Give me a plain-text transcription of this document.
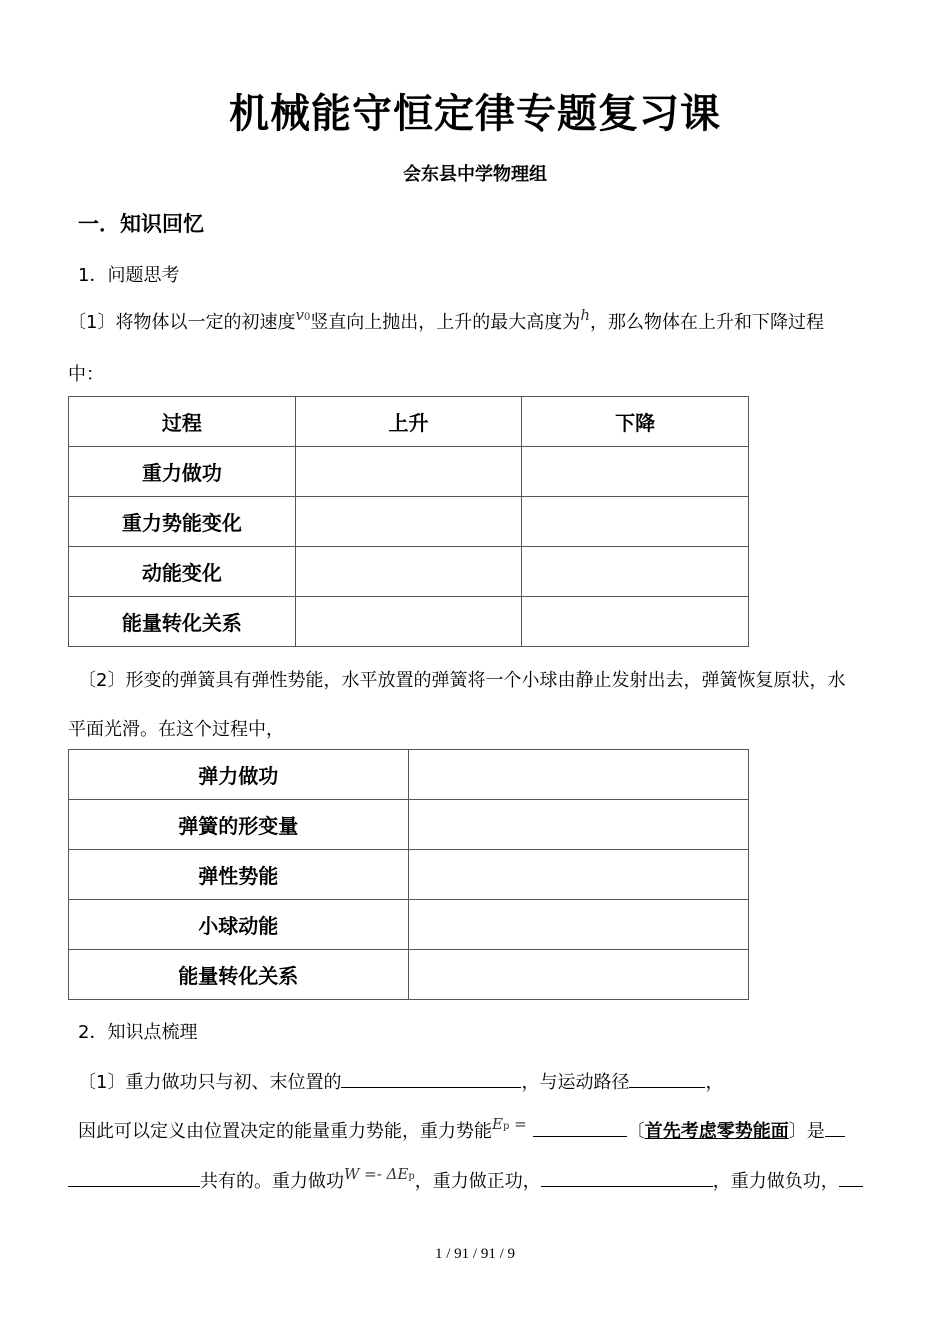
机械能守恒定律专题复习课
会东县中学物理组
一．知识回忆
1．问题思考
〔1〕将物体以一定的初速度$^{v0}$竖直向上抛出，上升的最大高度为$^h$，那么物体在上升和下降过程
中：
过程	上升	下降
重力做功		
重力势能变化		
动能变化		
能量转化关系		
〔2〕形变的弹簧具有弹性势能，水平放置的弹簧将一个小球由静止发射出去，弹簧恢复原状，水
平面光滑。在这个过程中，
弹力做功	
弹簧的形变量	
弹性势能	
小球动能	
能量转化关系	
2．知识点梳理
〔1〕重力做功只与初、末位置的	，与运动路径	，
因此可以定义由位置决定的能量重力势能，重力势能$^{Ep =}$	〔首先考虑零势能面〕是
共有的。重力做功$^{W =- \Delta Ep}$，重力做正功，	，重力做负功，
1 / 91 / 91 / 9
